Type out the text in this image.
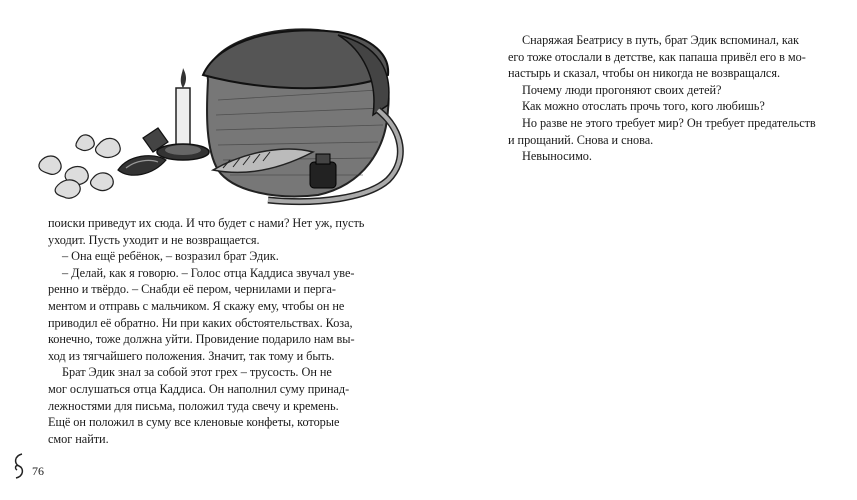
поиски приведут их сюда. И что будет с нами? Нет уж, пусть

уходит. Пусть уходит и не возвращается.

– Она ещё ребёнок, – возразил брат Эдик.

– Делай, как я говорю. – Голос отца Каддиса звучал уве-

ренно и твёрдо. – Снабди её пером, чернилами и перга-

ментом и отправь с мальчиком. Я скажу ему, чтобы он не

приводил её обратно. Ни при каких обстоятельствах. Коза,

конечно, тоже должна уйти. Провидение подарило нам вы-

ход из тягчайшего положения. Значит, так тому и быть.

Брат Эдик знал за собой этот грех – трусость. Он не

мог ослушаться отца Каддиса. Он наполнил суму принад-

лежностями для письма, положил туда свечу и кремень.

Ещё он положил в суму все кленовые конфеты, которые

смог найти.

Снаряжая Беатрису в путь, брат Эдик вспоминал, как

его тоже отослали в детстве, как папаша привёл его в мо-

настырь и сказал, чтобы он никогда не возвращался.

Почему люди прогоняют своих детей?

Как можно отослать прочь того, кого любишь?

Но разве не этого требует мир? Он требует предательств

и прощаний. Снова и снова.

Невыносимо.

76
